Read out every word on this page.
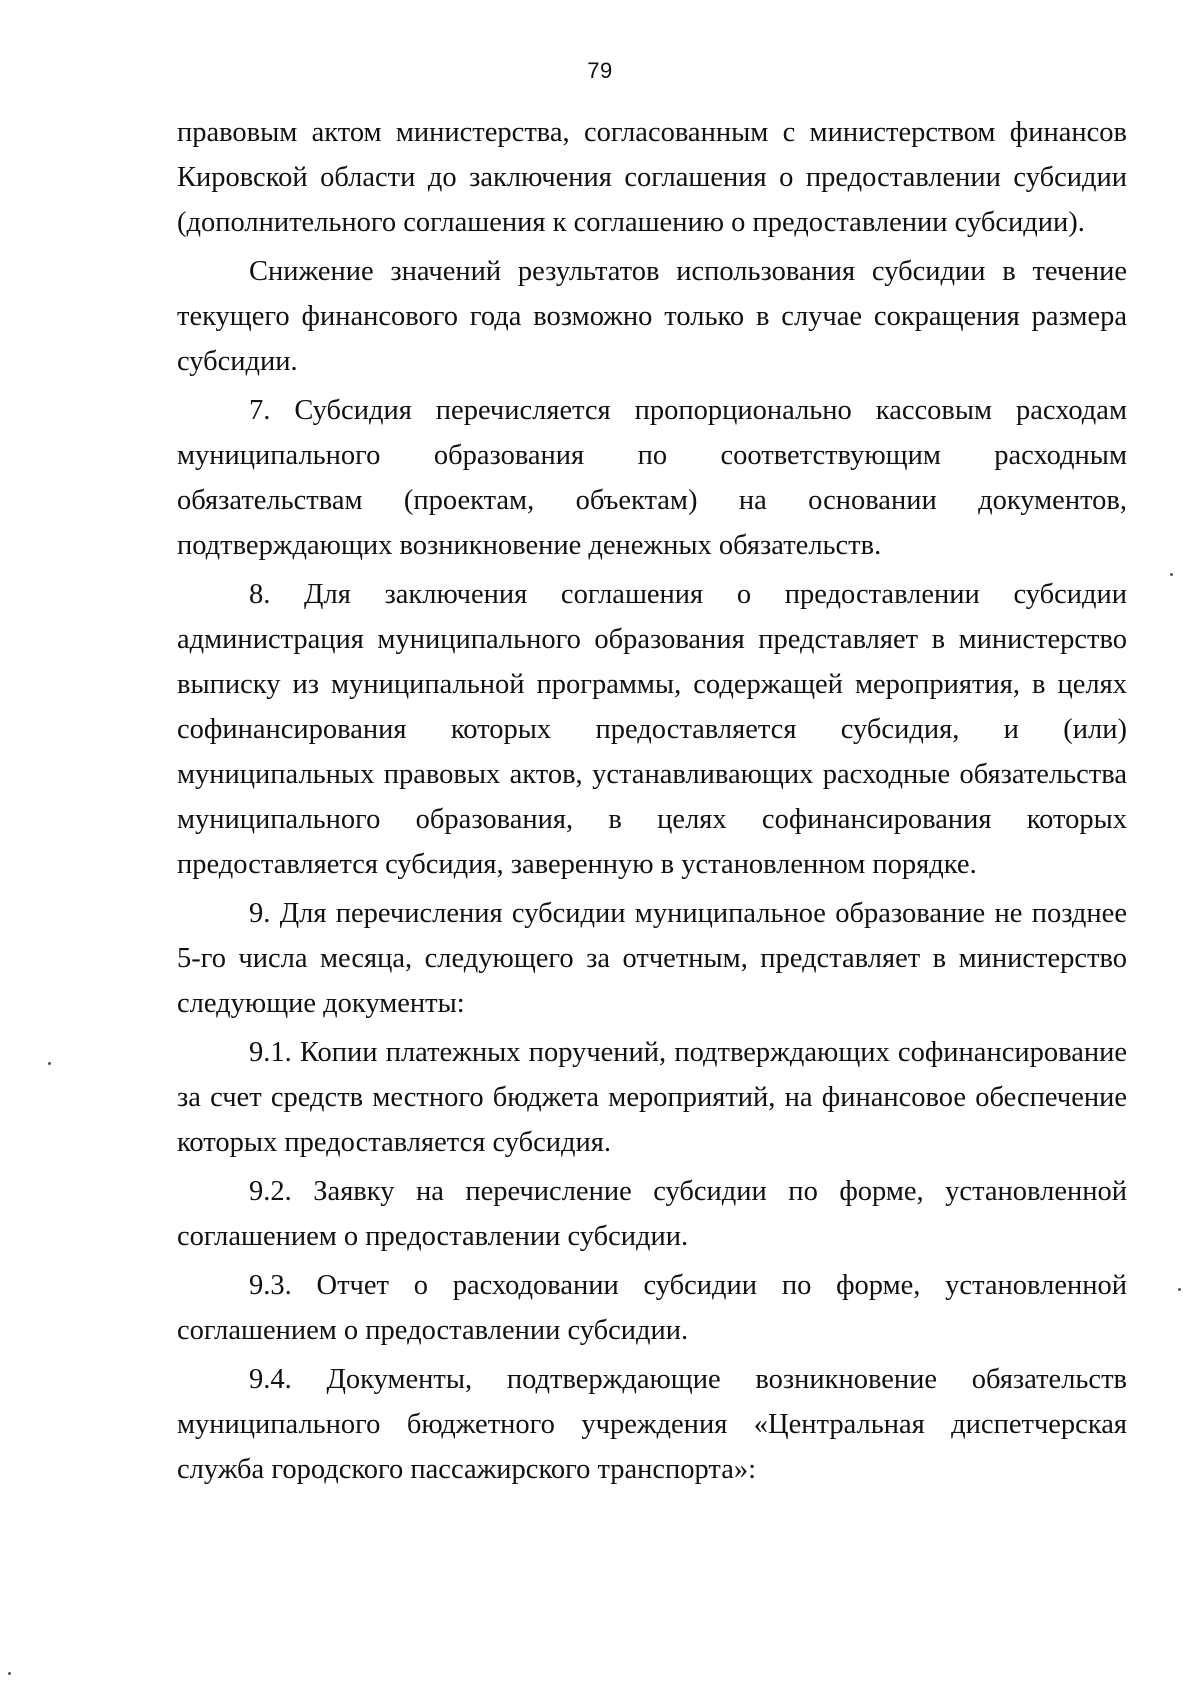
79

правовым актом министерства, согласованным с министерством финансов Кировской области до заключения соглашения о предоставлении субсидии (дополнительного соглашения к соглашению о предоставлении субсидии).

Снижение значений результатов использования субсидии в течение текущего финансового года возможно только в случае сокращения размера субсидии.

7. Субсидия перечисляется пропорционально кассовым расходам муниципального образования по соответствующим расходным обязательствам (проектам, объектам) на основании документов, подтверждающих возникновение денежных обязательств.

8. Для заключения соглашения о предоставлении субсидии администрация муниципального образования представляет в министерство выписку из муниципальной программы, содержащей мероприятия, в целях софинансирования которых предоставляется субсидия, и (или) муниципальных правовых актов, устанавливающих расходные обязательства муниципального образования, в целях софинансирования которых предоставляется субсидия, заверенную в установленном порядке.

9. Для перечисления субсидии муниципальное образование не позднее 5-го числа месяца, следующего за отчетным, представляет в министерство следующие документы:

9.1. Копии платежных поручений, подтверждающих софинансирование за счет средств местного бюджета мероприятий, на финансовое обеспечение которых предоставляется субсидия.

9.2. Заявку на перечисление субсидии по форме, установленной соглашением о предоставлении субсидии.

9.3. Отчет о расходовании субсидии по форме, установленной соглашением о предоставлении субсидии.

9.4. Документы, подтверждающие возникновение обязательств муниципального бюджетного учреждения «Центральная диспетчерская служба городского пассажирского транспорта»:
